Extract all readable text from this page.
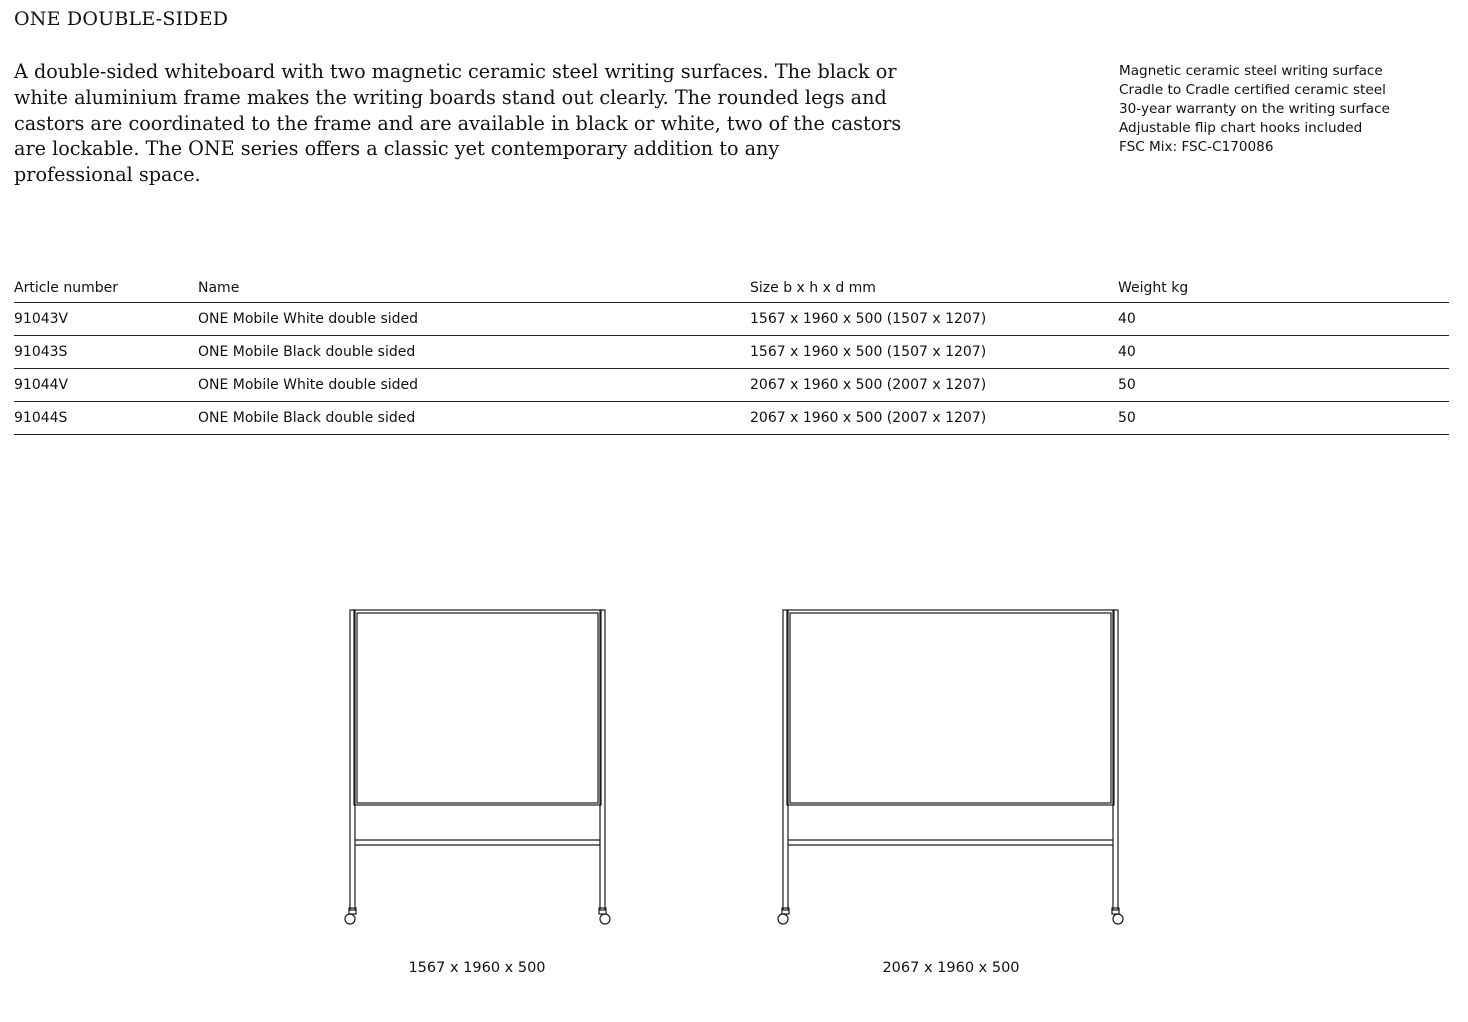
ONE DOUBLE-SIDED

A double-sided whiteboard with two magnetic ceramic steel writing surfaces. The black or white aluminium frame makes the writing boards stand out clearly. The rounded legs and castors are coordinated to the frame and are available in black or white, two of the castors are lockable. The ONE series offers a classic yet contemporary addition to any professional space.

Magnetic ceramic steel writing surface
Cradle to Cradle certified ceramic steel
30-year warranty on the writing surface
Adjustable flip chart hooks included
FSC Mix: FSC-C170086
Article number	Name	Size b x h x d mm	Weight kg
91043V	ONE Mobile White double sided	1567 x 1960 x 500 (1507 x 1207)	40
91043S	ONE Mobile Black double sided	1567 x 1960 x 500 (1507 x 1207)	40
91044V	ONE Mobile White double sided	2067 x 1960 x 500 (2007 x 1207)	50
91044S	ONE Mobile Black double sided	2067 x 1960 x 500 (2007 x 1207)	50
1567 x 1960 x 500	2067 x 1960 x 500
